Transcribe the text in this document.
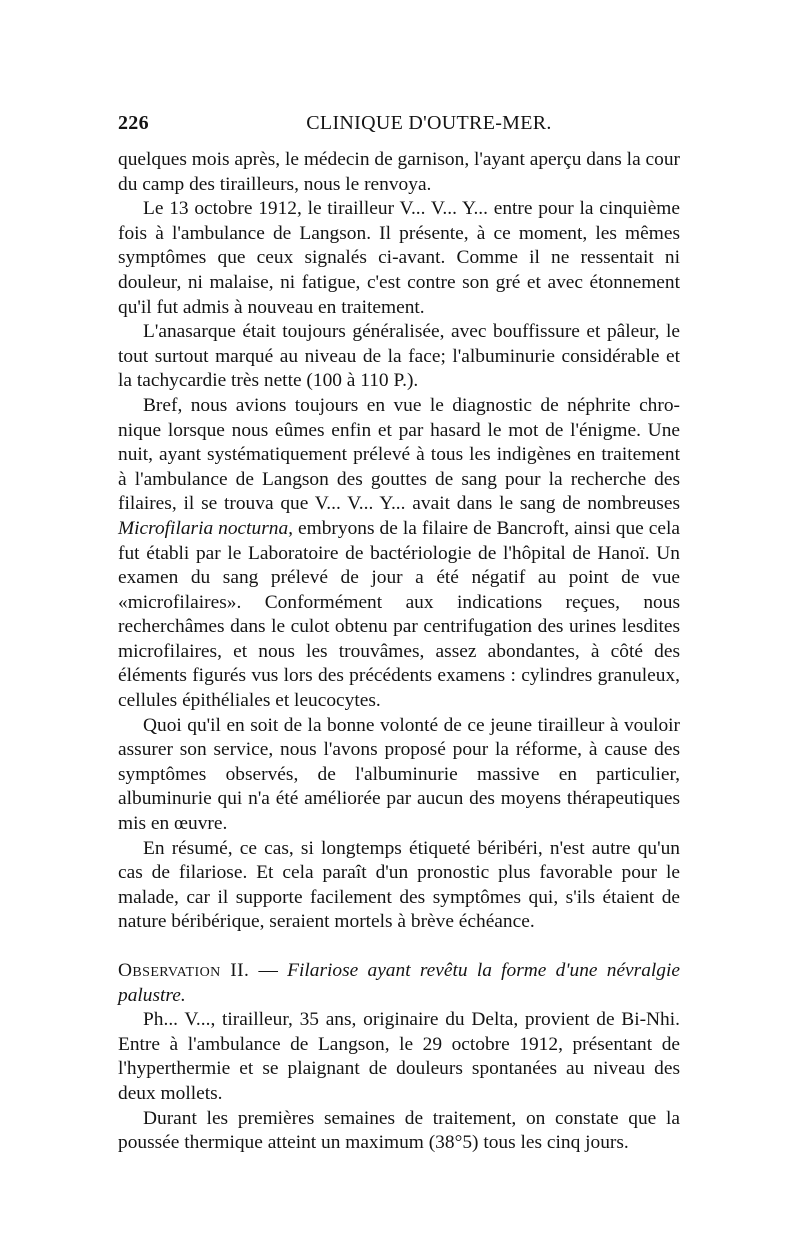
226	CLINIQUE D'OUTRE-MER.

quelques mois après, le médecin de garnison, l'ayant aperçu dans la cour du camp des tirailleurs, nous le renvoya.

Le 13 octobre 1912, le tirailleur V... V... Y... entre pour la cinquième fois à l'ambulance de Langson. Il présente, à ce moment, les mêmes symptômes que ceux signalés ci-avant. Comme il ne ressentait ni douleur, ni malaise, ni fatigue, c'est contre son gré et avec étonnement qu'il fut admis à nouveau en traitement.

L'anasarque était toujours généralisée, avec bouffissure et pâleur, le tout surtout marqué au niveau de la face; l'albuminurie considérable et la tachycardie très nette (100 à 110 P.).

Bref, nous avions toujours en vue le diagnostic de néphrite chronique lorsque nous eûmes enfin et par hasard le mot de l'énigme. Une nuit, ayant systématiquement prélevé à tous les indigènes en traitement à l'ambulance de Langson des gouttes de sang pour la recherche des filaires, il se trouva que V... V... Y... avait dans le sang de nombreuses Microfilaria nocturna, embryons de la filaire de Bancroft, ainsi que cela fut établi par le Laboratoire de bactériologie de l'hôpital de Hanoï. Un examen du sang prélevé de jour a été négatif au point de vue «microfilaires». Conformément aux indications reçues, nous recherchâmes dans le culot obtenu par centrifugation des urines lesdites microfilaires, et nous les trouvâmes, assez abondantes, à côté des éléments figurés vus lors des précédents examens : cylindres granuleux, cellules épithéliales et leucocytes.

Quoi qu'il en soit de la bonne volonté de ce jeune tirailleur à vouloir assurer son service, nous l'avons proposé pour la réforme, à cause des symptômes observés, de l'albuminurie massive en particulier, albuminurie qui n'a été améliorée par aucun des moyens thérapeutiques mis en œuvre.

En résumé, ce cas, si longtemps étiqueté béribéri, n'est autre qu'un cas de filariose. Et cela paraît d'un pronostic plus favorable pour le malade, car il supporte facilement des symptômes qui, s'ils étaient de nature béribérique, seraient mortels à brève échéance.

Observation II. — Filariose ayant revêtu la forme d'une névralgie palustre.

Ph... V..., tirailleur, 35 ans, originaire du Delta, provient de Bi-Nhi. Entre à l'ambulance de Langson, le 29 octobre 1912, présentant de l'hyperthermie et se plaignant de douleurs spontanées au niveau des deux mollets.

Durant les premières semaines de traitement, on constate que la poussée thermique atteint un maximum (38°5) tous les cinq jours.
